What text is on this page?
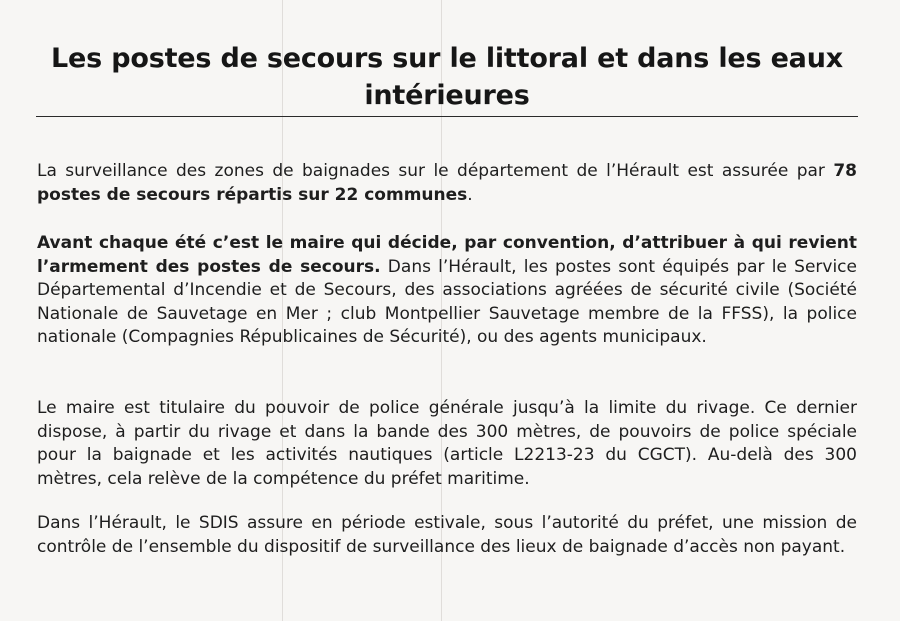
Les postes de secours sur le littoral et dans les eaux intérieures

La surveillance des zones de baignades sur le département de l’Hérault est assurée par 78 postes de secours répartis sur 22 communes.

Avant chaque été c’est le maire qui décide, par convention, d’attribuer à qui revient l’armement des postes de secours. Dans l’Hérault, les postes sont équipés par le Service Départemental d’Incendie et de Secours, des associations agréées de sécurité civile (Société Nationale de Sauvetage en Mer ; club Montpellier Sauvetage membre de la FFSS), la police nationale (Compagnies Républicaines de Sécurité), ou des agents municipaux.

Le maire est titulaire du pouvoir de police générale jusqu’à la limite du rivage. Ce dernier dispose, à partir du rivage et dans la bande des 300 mètres, de pouvoirs de police spéciale pour la baignade et les activités nautiques (article L2213-23 du CGCT). Au-delà des 300 mètres, cela relève de la compétence du préfet maritime.

Dans l’Hérault, le SDIS assure en période estivale, sous l’autorité du préfet, une mission de contrôle de l’ensemble du dispositif de surveillance des lieux de baignade d’accès non payant.
